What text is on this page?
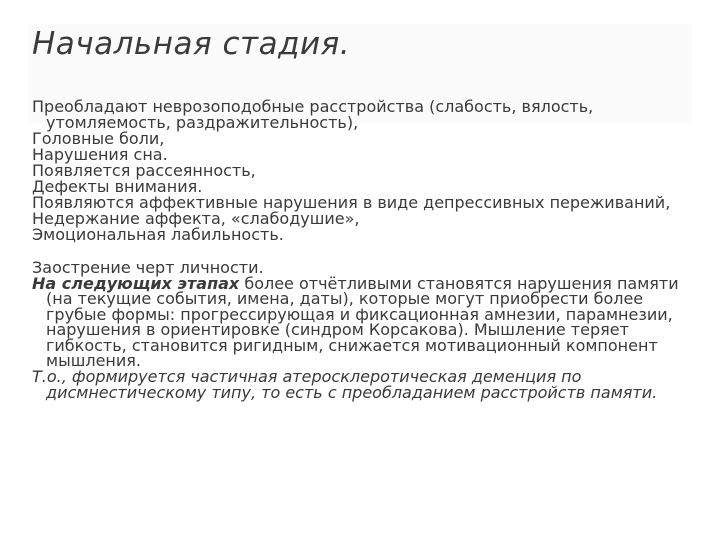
Начальная стадия.

Преобладают неврозоподобные расстройства (слабость, вялость, утомляемость, раздражительность),

Головные боли,

Нарушения сна.

Появляется рассеянность,

Дефекты внимания.

Появляются аффективные нарушения в виде депрессивных переживаний,

Недержание аффекта, «слабодушие»,

Эмоциональная лабильность.

Заострение черт личности.

На следующих этапах более отчётливыми становятся нарушения памяти (на текущие события, имена, даты), которые могут приобрести более грубые формы: прогрессирующая и фиксационная амнезии, парамнезии, нарушения в ориентировке (синдром Корсакова). Мышление теряет гибкость, становится ригидным, снижается мотивационный компонент мышления.

Т.о., формируется частичная атеросклеротическая деменция по дисмнестическому типу, то есть с преобладанием расстройств памяти.
